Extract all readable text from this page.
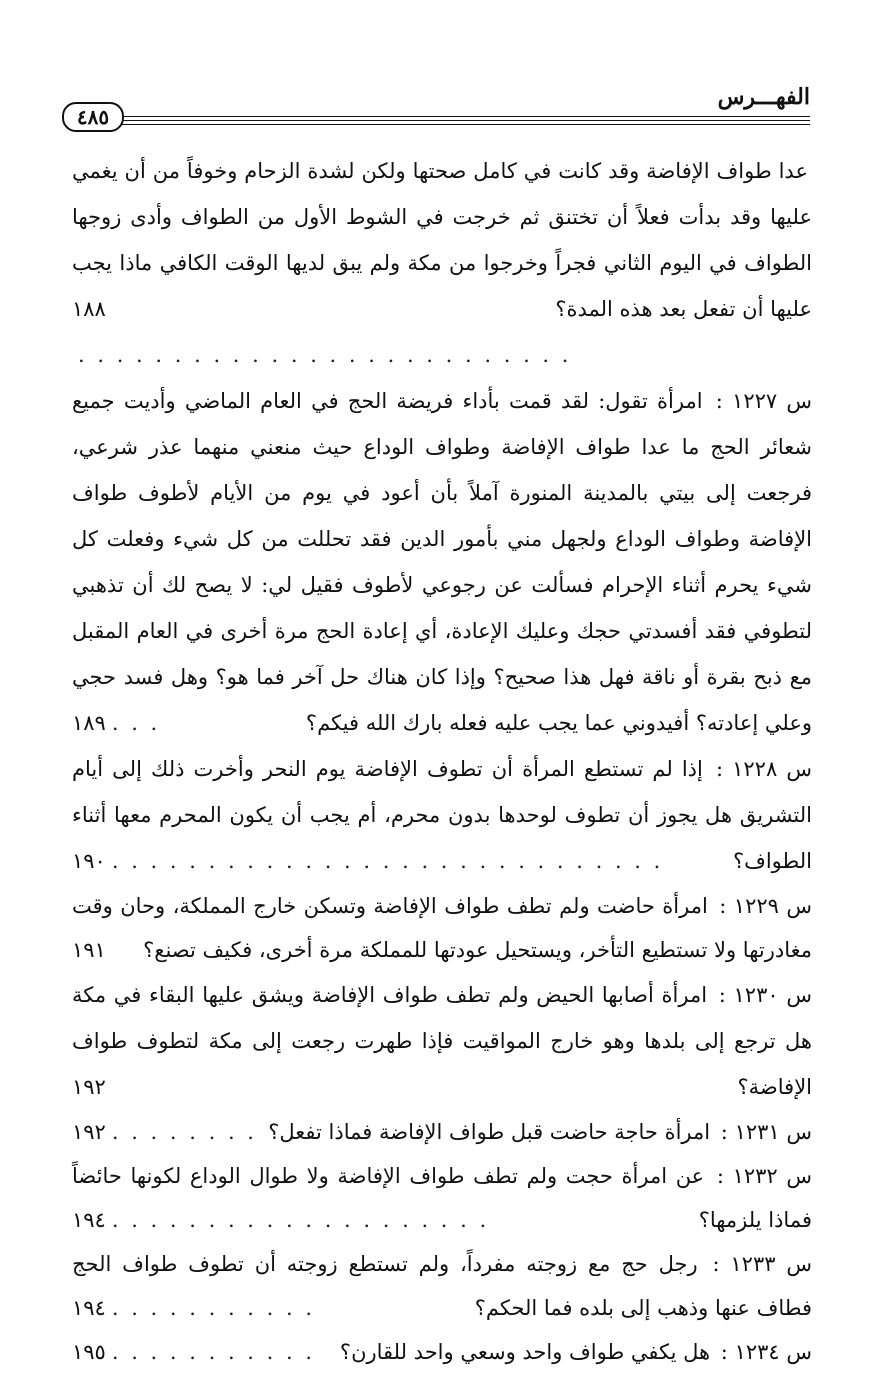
الفهـــرس
٤٨٥
عدا طواف الإفاضة وقد كانت في كامل صحتها ولكن لشدة الزحام وخوفاً من أن يغمي عليها وقد بدأت فعلاً أن تختنق ثم خرجت في الشوط الأول من الطواف وأدى زوجها الطواف في اليوم الثاني فجراً وخرجوا من مكة ولم يبق لديها الوقت الكافي ماذا يجب عليها أن تفعل بعد هذه المدة؟
١٨٨
. . . . . . . . . . . . . . . . . . . . . . . . . .
س ١٢٢٧ : امرأة تقول: لقد قمت بأداء فريضة الحج في العام الماضي وأديت جميع شعائر الحج ما عدا طواف الإفاضة وطواف الوداع حيث منعني منهما عذر شرعي، فرجعت إلى بيتي بالمدينة المنورة آملاً بأن أعود في يوم من الأيام لأطوف طواف الإفاضة وطواف الوداع ولجهل مني بأمور الدين فقد تحللت من كل شيء وفعلت كل شيء يحرم أثناء الإحرام فسألت عن رجوعي لأطوف فقيل لي: لا يصح لك أن تذهبي لتطوفي فقد أفسدتي حجك وعليك الإعادة، أي إعادة الحج مرة أخرى في العام المقبل مع ذبح بقرة أو ناقة فهل هذا صحيح؟ وإذا كان هناك حل آخر فما هو؟ وهل فسد حجي وعلي إعادته؟ أفيدوني عما يجب عليه فعله بارك الله فيكم؟
١٨٩ . . .
س ١٢٢٨ : إذا لم تستطع المرأة أن تطوف الإفاضة يوم النحر وأخرت ذلك إلى أيام التشريق هل يجوز أن تطوف لوحدها بدون محرم، أم يجب أن يكون المحرم معها أثناء الطواف؟
١٩٠ . . . . . . . . . . . . . . . . . . . . . . . . . . . . .
س ١٢٢٩ : امرأة حاضت ولم تطف طواف الإفاضة وتسكن خارج المملكة، وحان وقت مغادرتها ولا تستطيع التأخر، ويستحيل عودتها للمملكة مرة أخرى، فكيف تصنع؟
١٩١
س ١٢٣٠ : امرأة أصابها الحيض ولم تطف طواف الإفاضة ويشق عليها البقاء في مكة هل ترجع إلى بلدها وهو خارج المواقيت فإذا طهرت رجعت إلى مكة لتطوف طواف الإفاضة؟
١٩٢
س ١٢٣١ : امرأة حاجة حاضت قبل طواف الإفاضة فماذا تفعل؟
١٩٢ . . . . . . . .
س ١٢٣٢ : عن امرأة حجت ولم تطف طواف الإفاضة ولا طوال الوداع لكونها حائضاً فماذا يلزمها؟
١٩٤ . . . . . . . . . . . . . . . . . . . .
س ١٢٣٣ : رجل حج مع زوجته مفرداً، ولم تستطع زوجته أن تطوف طواف الحج فطاف عنها وذهب إلى بلده فما الحكم؟
١٩٤ . . . . . . . . . . .
س ١٢٣٤ : هل يكفي طواف واحد وسعي واحد للقارن؟
١٩٥ . . . . . . . . . . .
